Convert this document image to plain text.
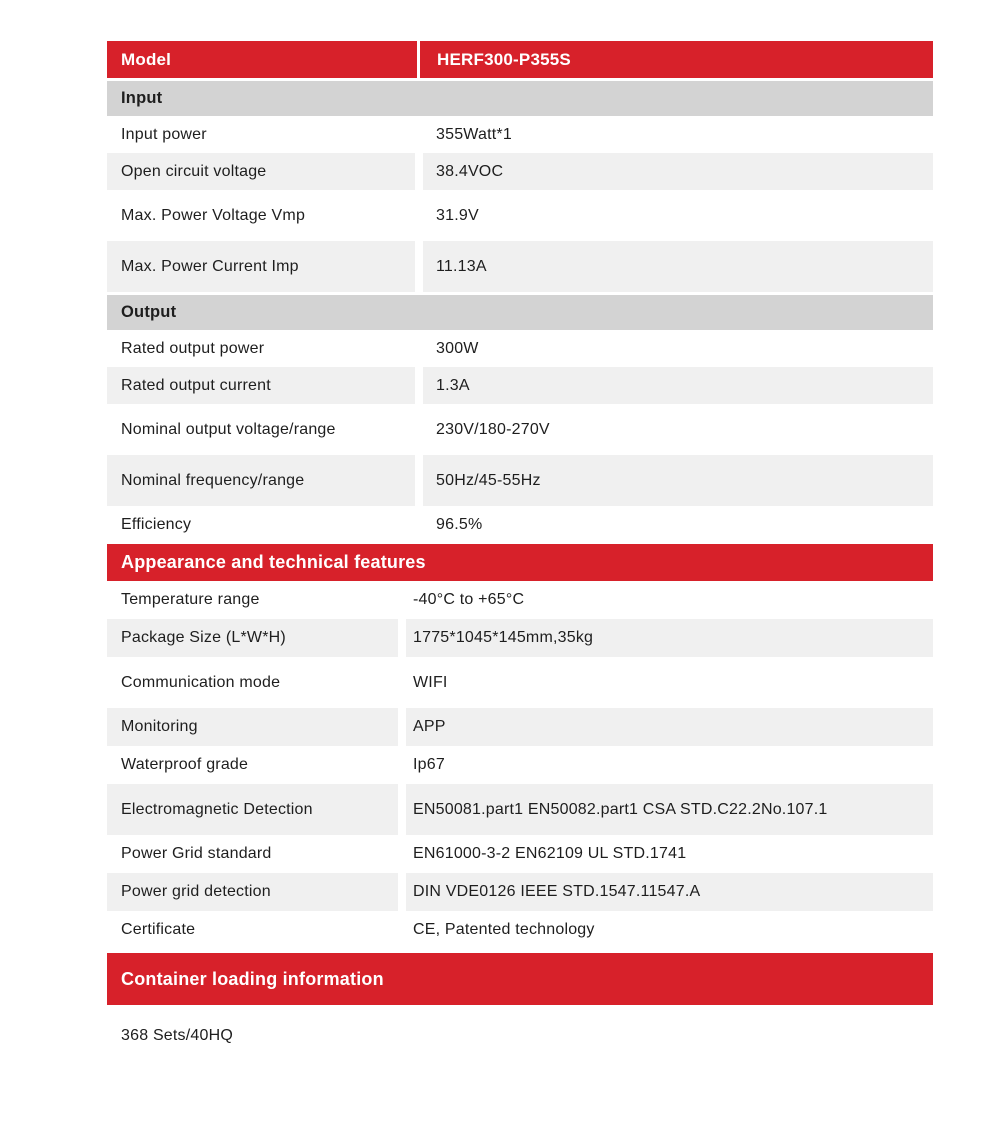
Model	HERF300-P355S
Input
Input power	355Watt*1
Open circuit voltage	38.4VOC
Max. Power Voltage Vmp	31.9V
Max. Power Current Imp	11.13A
Output
Rated output power	300W
Rated output current	1.3A
Nominal output voltage/range	230V/180-270V
Nominal frequency/range	50Hz/45-55Hz
Efficiency	96.5%
Appearance and technical features
Temperature range	-40°C to +65°C
Package Size (L*W*H)	1775*1045*145mm,35kg
Communication mode	WIFI
Monitoring	APP
Waterproof grade	Ip67
Electromagnetic Detection	EN50081.part1 EN50082.part1 CSA STD.C22.2No.107.1
Power Grid standard	EN61000-3-2 EN62109 UL STD.1741
Power grid detection	DIN VDE0126 IEEE STD.1547.11547.A
Certificate	CE, Patented technology
Container loading information
368 Sets/40HQ
